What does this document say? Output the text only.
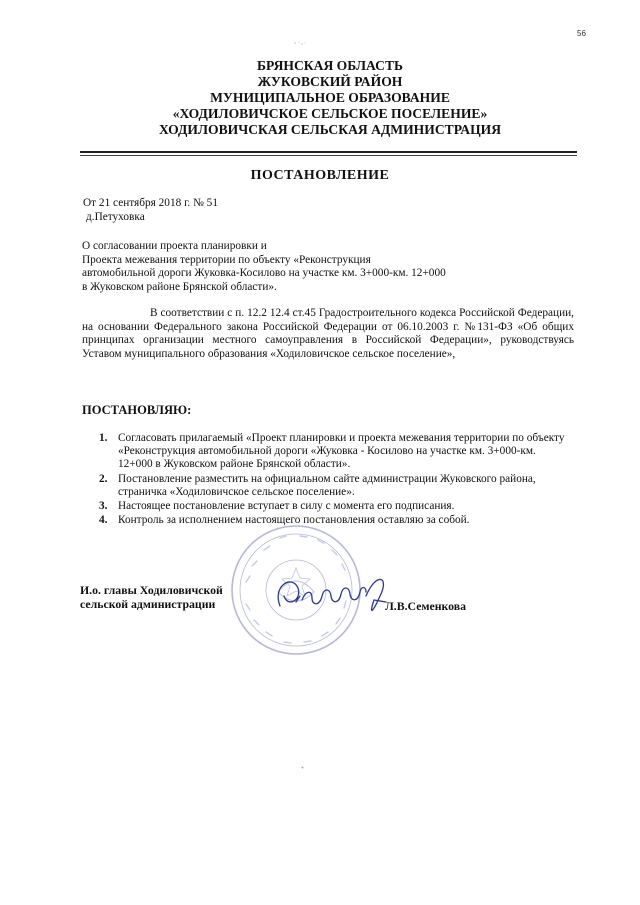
56
БРЯНСКАЯ ОБЛАСТЬ
ЖУКОВСКИЙ РАЙОН
МУНИЦИПАЛЬНОЕ ОБРАЗОВАНИЕ
«ХОДИЛОВИЧСКОЕ СЕЛЬСКОЕ ПОСЕЛЕНИЕ»
ХОДИЛОВИЧСКАЯ СЕЛЬСКАЯ АДМИНИСТРАЦИЯ
ПОСТАНОВЛЕНИЕ
От 21 сентября 2018 г. № 51
д.Петуховка
О согласовании проекта планировки и
Проекта межевания территории по объекту «Реконструкция
автомобильной дороги Жуковка-Косилово на участке км. 3+000-км. 12+000
в Жуковском районе Брянской области».
В соответствии с п. 12.2 12.4 ст.45 Градостроительного кодекса Российской Федерации, на основании Федерального закона Российской Федерации от 06.10.2003 г. №131-ФЗ «Об общих принципах организации местного самоуправления в Российской Федерации», руководствуясь Уставом муниципального образования «Ходиловичское сельское поселение»,
ПОСТАНОВЛЯЮ:
1. Согласовать прилагаемый «Проект планировки и проекта межевания территории по объекту «Реконструкция автомобильной дороги «Жуковка - Косилово на участке км. 3+000-км. 12+000 в Жуковском районе Брянской области».
2. Постановление разместить на официальном сайте администрации Жуковского района, страничка «Ходиловичское сельское поселение».
3. Настоящее постановление вступает в силу с момента его подписания.
4. Контроль за исполнением настоящего постановления оставляю за собой.
И.о. главы Ходиловичской
сельской администрации	Л.В.Семенкова
